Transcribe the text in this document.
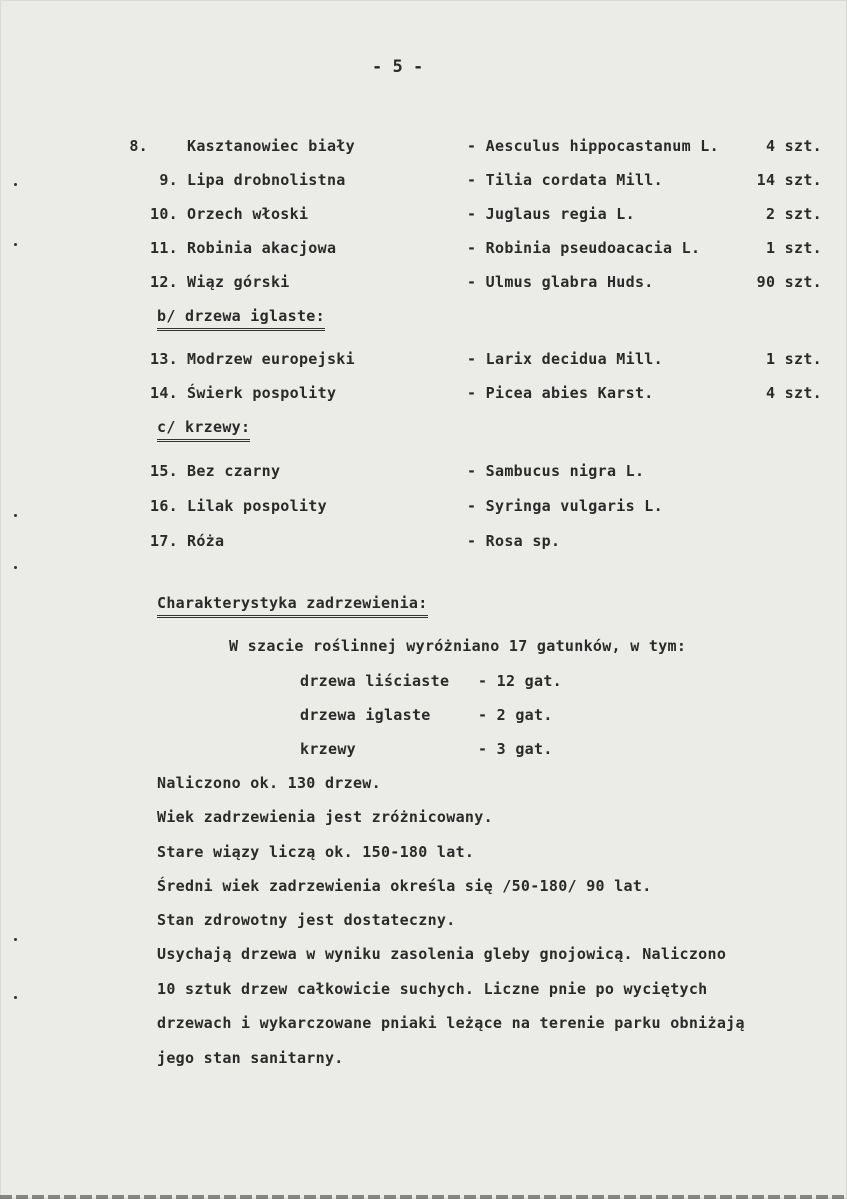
- 5 -
8.	Kasztanowiec biały	- Aesculus hippocastanum L.	4 szt.
9. Lipa drobnolistna	- Tilia cordata Mill.	14 szt.
10. Orzech włoski	- Juglaus regia L.	2 szt.
11. Robinia akacjowa	- Robinia pseudoacacia L.	1 szt.
12. Wiąz górski	- Ulmus glabra Huds.	90 szt.
b/ drzewa iglaste:
13. Modrzew europejski	- Larix decidua Mill.	1 szt.
14. Świerk pospolity	- Picea abies Karst.	4 szt.
c/ krzewy:
15. Bez czarny	- Sambucus nigra L.
16. Lilak pospolity	- Syringa vulgaris L.
17. Róża	- Rosa sp.
Charakterystyka zadrzewienia:
W szacie roślinnej wyróżniano 17 gatunków, w tym:
drzewa liściaste - 12 gat.
drzewa iglaste	- 2 gat.
krzewy	- 3 gat.
Naliczono ok. 130 drzew.
Wiek zadrzewienia jest zróżnicowany.
Stare wiązy liczą ok. 150-180 lat.
Średni wiek zadrzewienia określa się /50-180/ 90 lat.
Stan zdrowotny jest dostateczny.
Usychają drzewa w wyniku zasolenia gleby gnojowicą. Naliczono
10 sztuk drzew całkowicie suchych. Liczne pnie po wyciętych
drzewach i wykarczowane pniaki leżące na terenie parku obniżają
jego stan sanitarny.
